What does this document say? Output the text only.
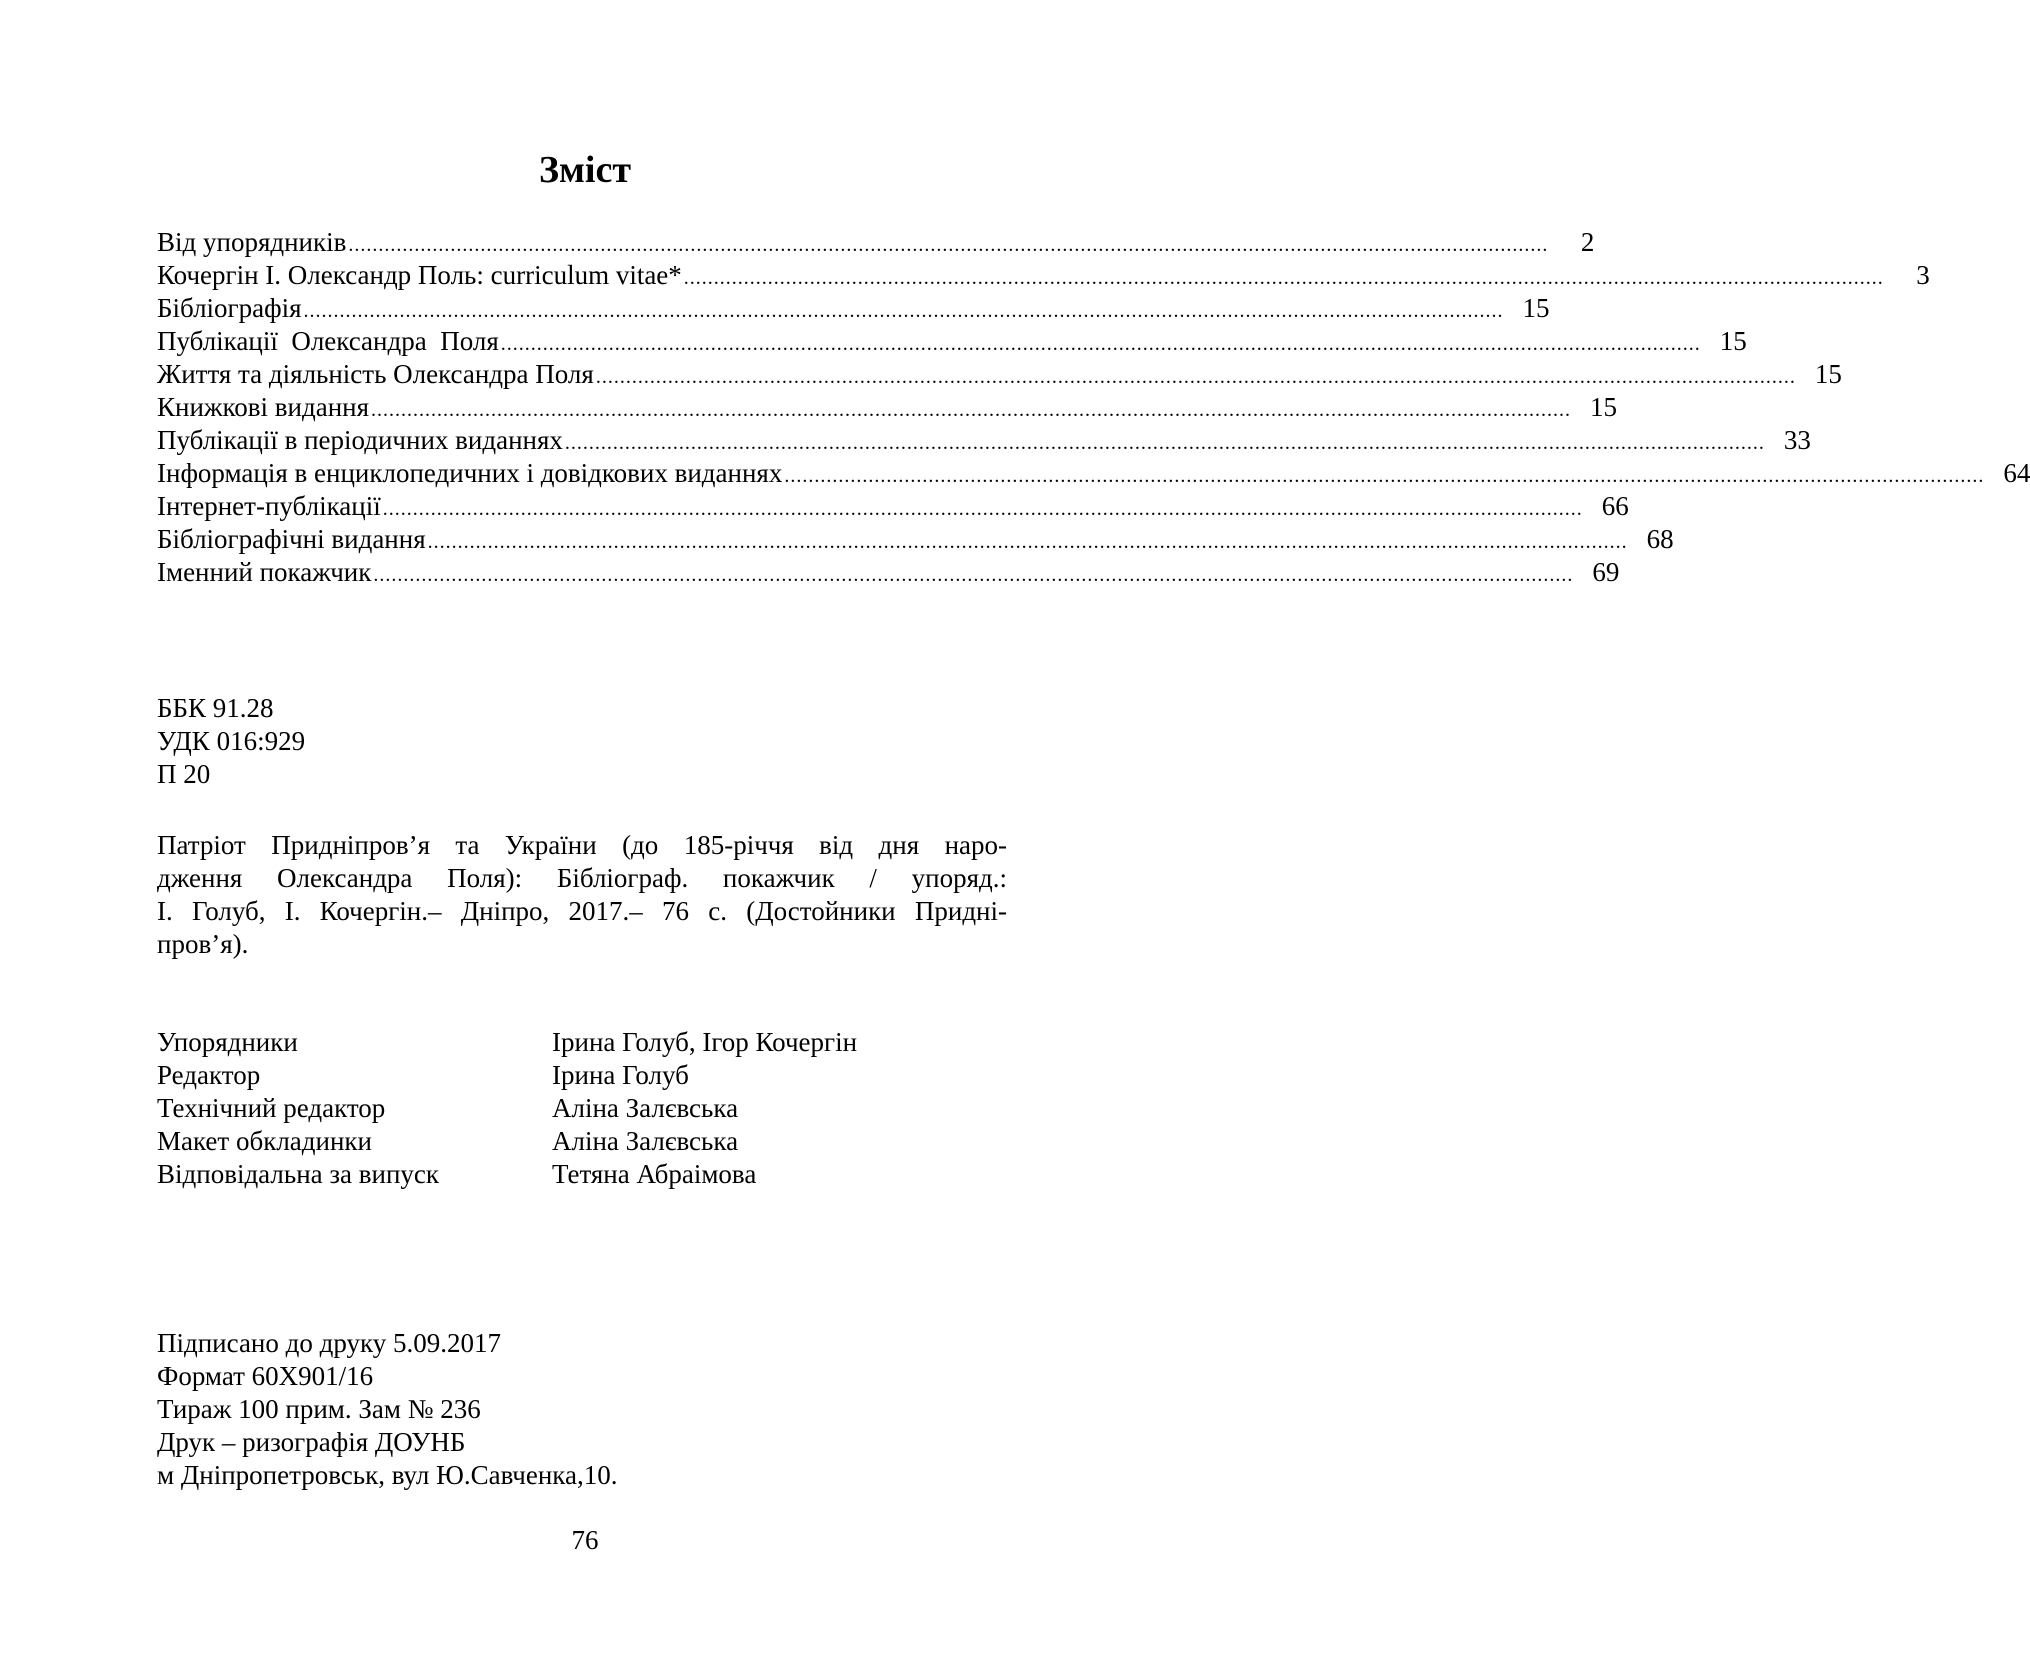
Зміст
Від упорядників ........................................................................................................................................................................................................	2
Кочергін І. Олександр Поль: curriculum vitae* ........................................................................................................................................................................................................	3
Бібліографія ........................................................................................................................................................................................................ 15
Публікації  Олександра  Поля ........................................................................................................................................................................................................ 15
Життя та діяльність Олександра Поля ........................................................................................................................................................................................................ 15
Книжкові видання ........................................................................................................................................................................................................ 15
Публікації в періодичних виданнях ........................................................................................................................................................................................................ 33
Інформація в енциклопедичних і довідкових виданнях ........................................................................................................................................................................................................ 64
Інтернет-публікації ........................................................................................................................................................................................................ 66
Бібліографічні видання ........................................................................................................................................................................................................ 68
Іменний покажчик ........................................................................................................................................................................................................ 69
ББК 91.28
УДК 016:929
П 20
Патріот Придніпров’я та України (до 185-річчя від дня наро-
дження Олександра Поля): Бібліограф. покажчик / упоряд.:
І. Голуб, І. Кочергін.– Дніпро, 2017.– 76 с. (Достойники Придні-
пров’я).
Упорядники	Ірина Голуб, Ігор Кочергін
Редактор	Ірина Голуб
Технічний редактор	Аліна Залєвська
Макет обкладинки	Аліна Залєвська
Відповідальна за випуск	Тетяна Абраімова
Підписано до друку 5.09.2017
Формат 60Х901/16
Тираж 100 прим. Зам № 236
Друк – ризографія ДОУНБ
м Дніпропетровськ, вул Ю.Савченка,10.
76
